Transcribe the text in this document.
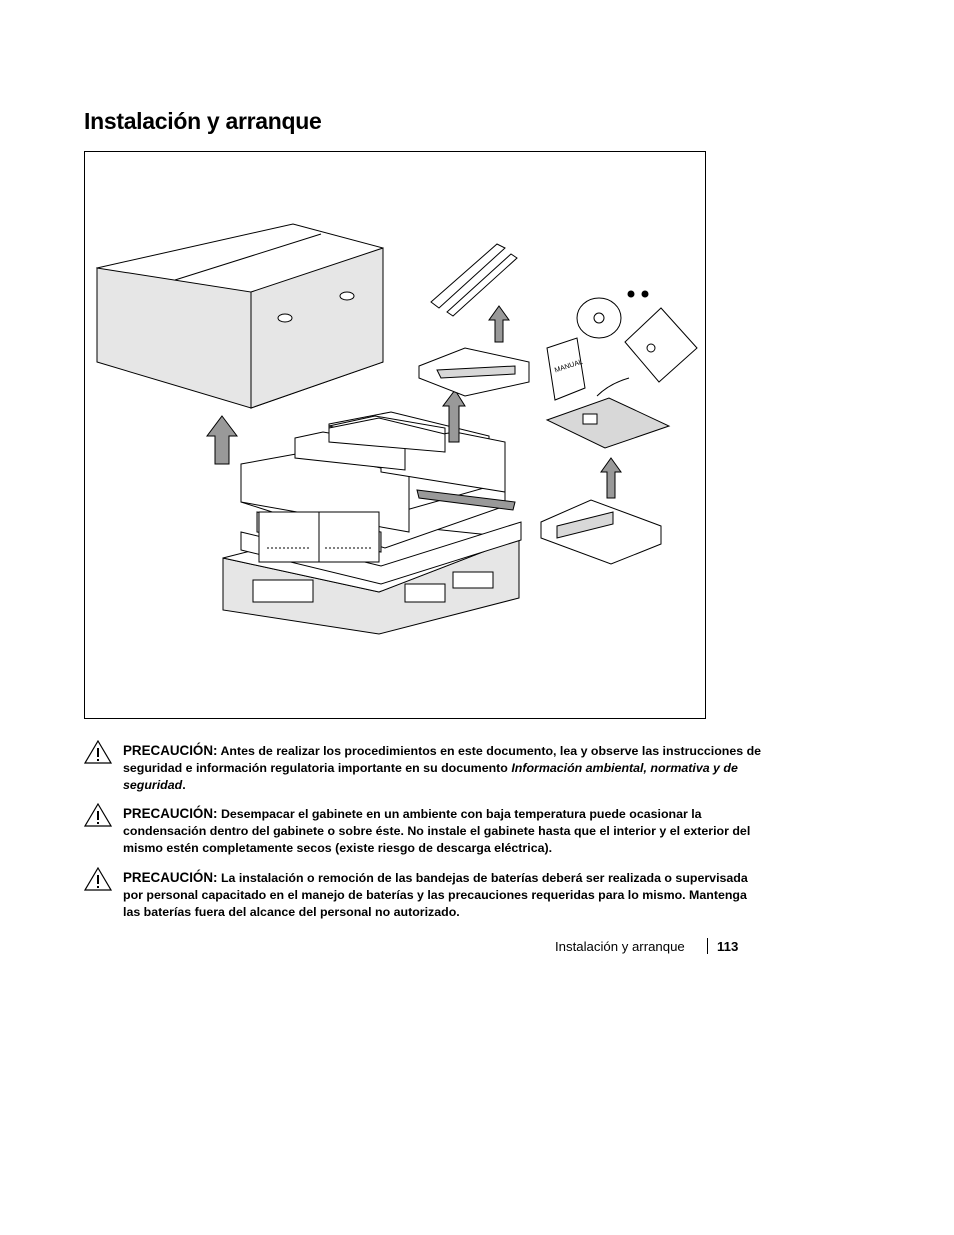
Instalación y arranque
MANUAL

PRECAUCIÓN: Antes de realizar los procedimientos en este documento, lea y observe las instrucciones de seguridad e información regulatoria importante en su documento Información ambiental, normativa y de seguridad.

PRECAUCIÓN: Desempacar el gabinete en un ambiente con baja temperatura puede ocasionar la condensación dentro del gabinete o sobre éste. No instale el gabinete hasta que el interior y el exterior del mismo estén completamente secos (existe riesgo de descarga eléctrica).

PRECAUCIÓN: La instalación o remoción de las bandejas de baterías deberá ser realizada o supervisada por personal capacitado en el manejo de baterías y las precauciones requeridas para lo mismo. Mantenga las baterías fuera del alcance del personal no autorizado.

Instalación y arranque 113
